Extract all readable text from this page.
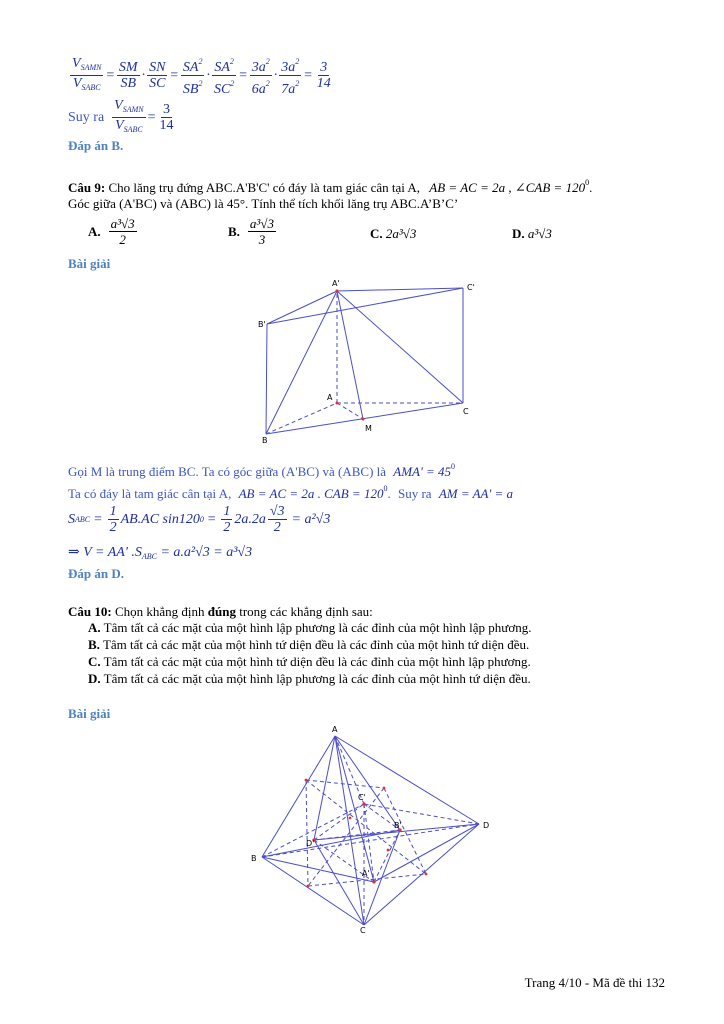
$\frac{V_{SAMN}}{V_{SABC}} = \frac{SM}{SB} \cdot \frac{SN}{SC} = \frac{SA^2}{SB^2} \cdot \frac{SA^2}{SC^2} = \frac{3a^2}{6a^2} \cdot \frac{3a^2}{7a^2} = \frac{3}{14}$
Suy ra $\frac{V_{SAMN}}{V_{SABC}} = \frac{3}{14}$
Đáp án B.
Câu 9: Cho lăng trụ đứng ABC.A'B'C' có đáy là tam giác cân tại A, AB = AC = 2a , ∠CAB = $120^0$.
Góc giữa (A'BC) và (ABC) là 45°. Tính thể tích khối lăng trụ ABC.A’B’C’
A. $\frac{\text{a³√3}}{2}$	B. $\frac{\text{a³√3}}{3}$	C. 2a³√3	D. a³√3
Bài giải
A'	C'
B'
A
C
B
M
Gọi M là trung điểm BC. Ta có góc giữa (A'BC) và (ABC) là $AMA' = 45^0$
Ta có đáy là tam giác cân tại A, AB = AC = 2a . CAB = $120^0$. Suy ra AM = AA' = a
S ABC = $\frac{1}{2} AB.AC$ sin120 $0 = \frac{1}{2} 2a.2a \frac{√3}{2} = a^2√3$
⇒ V = AA' $.S_{ABC} = a.a^2√3 = a^3√3$
Đáp án D.
Câu 10: Chọn khẳng định đúng trong các khẳng định sau:
A. Tâm tất cả các mặt của một hình lập phương là các đỉnh của một hình lập phương.
B. Tâm tất cả các mặt của một hình tứ diện đều là các đỉnh của một hình tứ diện đều.
C. Tâm tất cả các mặt của một hình tứ diện đều là các đỉnh của một hình lập phương.
D. Tâm tất cả các mặt của một hình lập phương là các đỉnh của một hình tứ diện đều.
Bài giải
A
B
C
D
C'
B'
D'
A'
Trang 4/10 - Mã đề thi 132
